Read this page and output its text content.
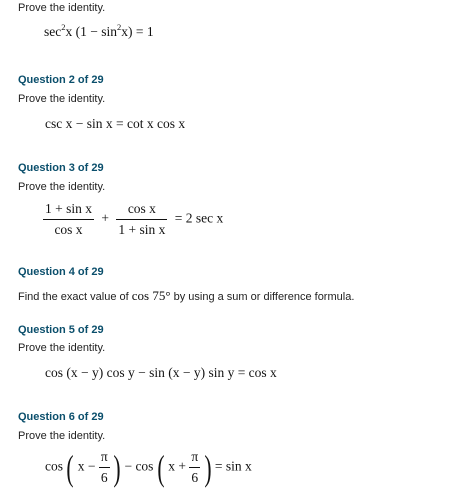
Prove the identity.
$\sec^2x$ $(1 - \sin^2x) = 1$
Question 2 of 29
Prove the identity.
csc x − sin x = cot x cos x
Question 3 of 29
Prove the identity.
$\frac{\text{1 + sin x}}{\text{cos x}} + \frac{\text{cos x}}{\text{1 + sin x}} = 2$ sec x
Question 4 of 29
Find the exact value of cos 75° by using a sum or difference formula.
Question 5 of 29
Prove the identity.
cos (x − y) cos y − sin (x − y) sin y = cos x
Question 6 of 29
Prove the identity.
cos ( $x - \frac{\pi}{6}$ ) − cos ( $x + \frac{\pi}{6}$ ) = sin x
